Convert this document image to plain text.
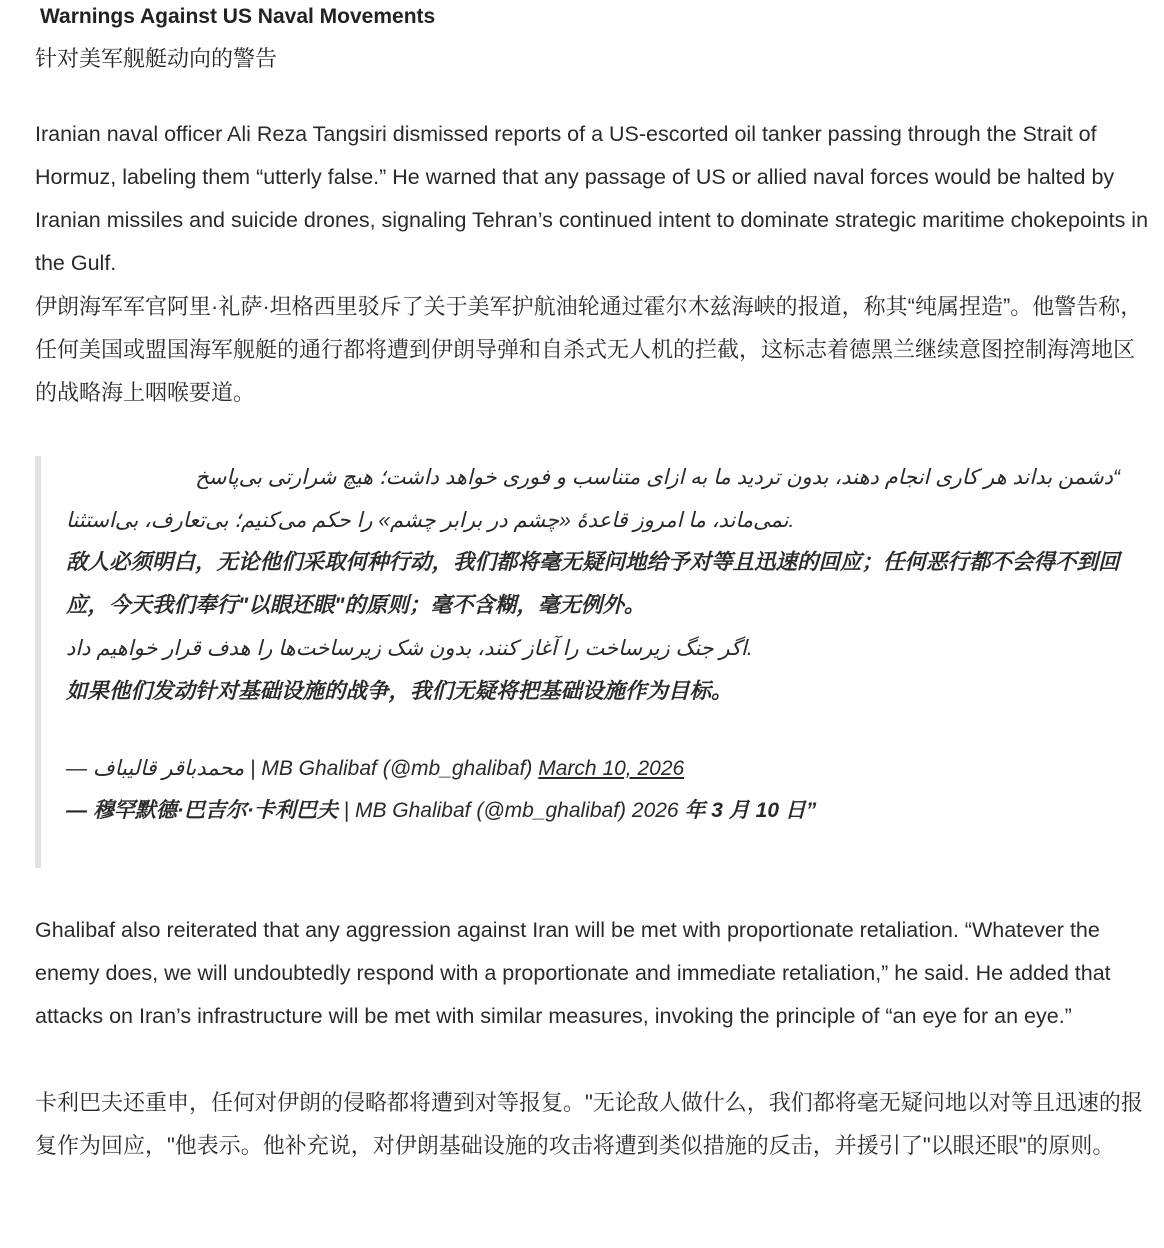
Warnings Against US Naval Movements
针对美军舰艇动向的警告
Iranian naval officer Ali Reza Tangsiri dismissed reports of a US-escorted oil tanker passing through the Strait of Hormuz, labeling them “utterly false.” He warned that any passage of US or allied naval forces would be halted by Iranian missiles and suicide drones, signaling Tehran’s continued intent to dominate strategic maritime chokepoints in the Gulf.
伊朗海军军官阿里·礼萨·坦格西里驳斥了关于美军护航油轮通过霍尔木兹海峡的报道，称其“纯属捏造”。他警告称，任何美国或盟国海军舰艇的通行都将遭到伊朗导弹和自杀式无人机的拦截，这标志着德黑兰继续意图控制海湾地区的战略海上咽喉要道。
“دشمن بداند هر کاری انجام دهند، بدون تردید ما به ازای متناسب و فوری خواهد داشت؛ هیچ شرارتی بی‌پاسخ
نمی‌ماند، ما امروز قاعدهٔ «چشم در برابر چشم» را حکم می‌کنیم؛ بی‌تعارف، بی‌استثنا.
敌人必须明白，无论他们采取何种行动，我们都将毫无疑问地给予对等且迅速的回应；任何恶行都不会得不到回应，今天我们奉行"以眼还眼"的原则；毫不含糊，毫无例外。
اگر جنگ زیرساخت را آغاز کنند، بدون شک زیرساخت‌ها را هدف قرار خواهیم داد.
如果他们发动针对基础设施的战争，我们无疑将把基础设施作为目标。
— محمدباقر قالیباف | MB Ghalibaf (@mb_ghalibaf) March 10, 2026
— 穆罕默德·巴吉尔·卡利巴夫 | MB Ghalibaf (@mb_ghalibaf) 2026 年 3 月 10 日”
Ghalibaf also reiterated that any aggression against Iran will be met with proportionate retaliation. “Whatever the enemy does, we will undoubtedly respond with a proportionate and immediate retaliation,” he said. He added that attacks on Iran’s infrastructure will be met with similar measures, invoking the principle of “an eye for an eye.”
卡利巴夫还重申，任何对伊朗的侵略都将遭到对等报复。"无论敌人做什么，我们都将毫无疑问地以对等且迅速的报复作为回应，"他表示。他补充说，对伊朗基础设施的攻击将遭到类似措施的反击，并援引了"以眼还眼"的原则。
